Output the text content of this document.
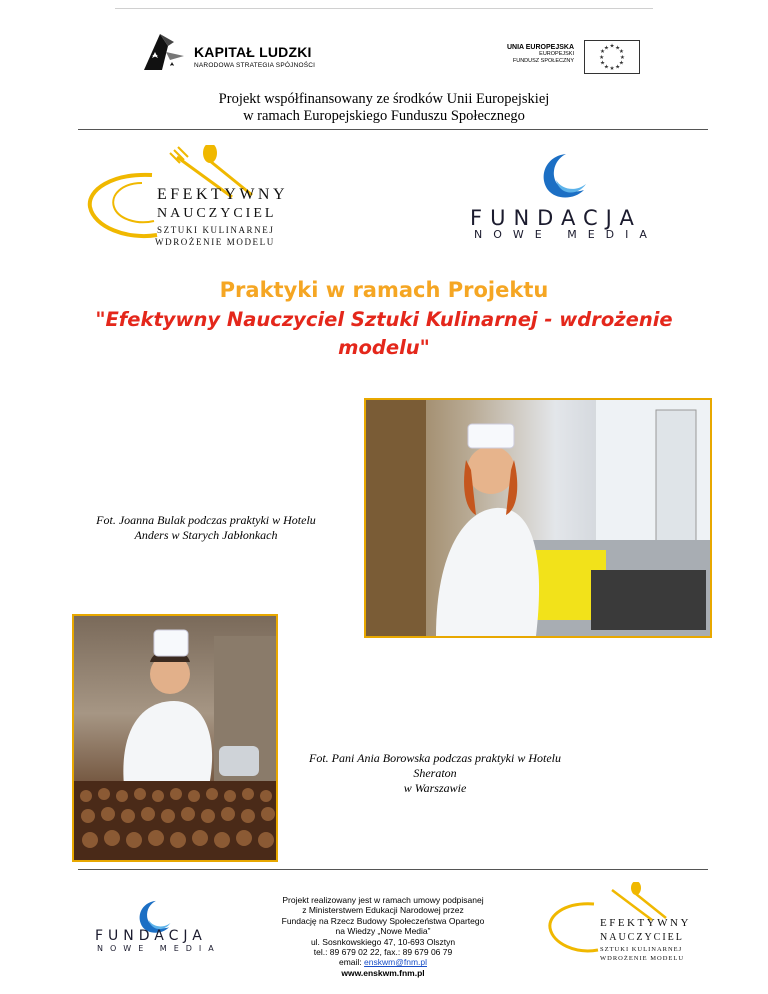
KAPITAŁ LUDZKI
NARODOWA STRATEGIA SPÓJNOŚCI
UNIA EUROPEJSKA
EUROPEJSKI
FUNDUSZ SPOŁECZNY
★ ★
★
★
★
★
★
★
★
★
★
★
Projekt współfinansowany ze środków Unii Europejskiej
w ramach Europejskiego Funduszu Społecznego
EFEKTYWNY
NAUCZYCIEL
SZTUKI KULINARNEJ
WDROŻENIE MODELU
FUNDACJA
NOWE MEDIA
Praktyki w ramach Projektu
"Efektywny Nauczyciel Sztuki Kulinarnej - wdrożenie modelu"
Fot. Joanna Bulak podczas praktyki w Hotelu
Anders w Starych Jabłonkach
Fot. Pani Ania Borowska podczas praktyki w Hotelu Sheraton
w Warszawie
FUNDACJA
NOWE MEDIA
Projekt realizowany jest w ramach umowy podpisanej
z Ministerstwem Edukacji Narodowej przez
Fundację na Rzecz Budowy Społeczeństwa Opartego
na Wiedzy „Nowe Media”
ul. Sosnkowskiego 47, 10-693 Olsztyn
tel.: 89 679 02 22, fax.: 89 679 06 79
email: enskwm@fnm.pl
www.enskwm.fnm.pl
EFEKTYWNY
NAUCZYCIEL
SZTUKI KULINARNEJ
WDROŻENIE MODELU
